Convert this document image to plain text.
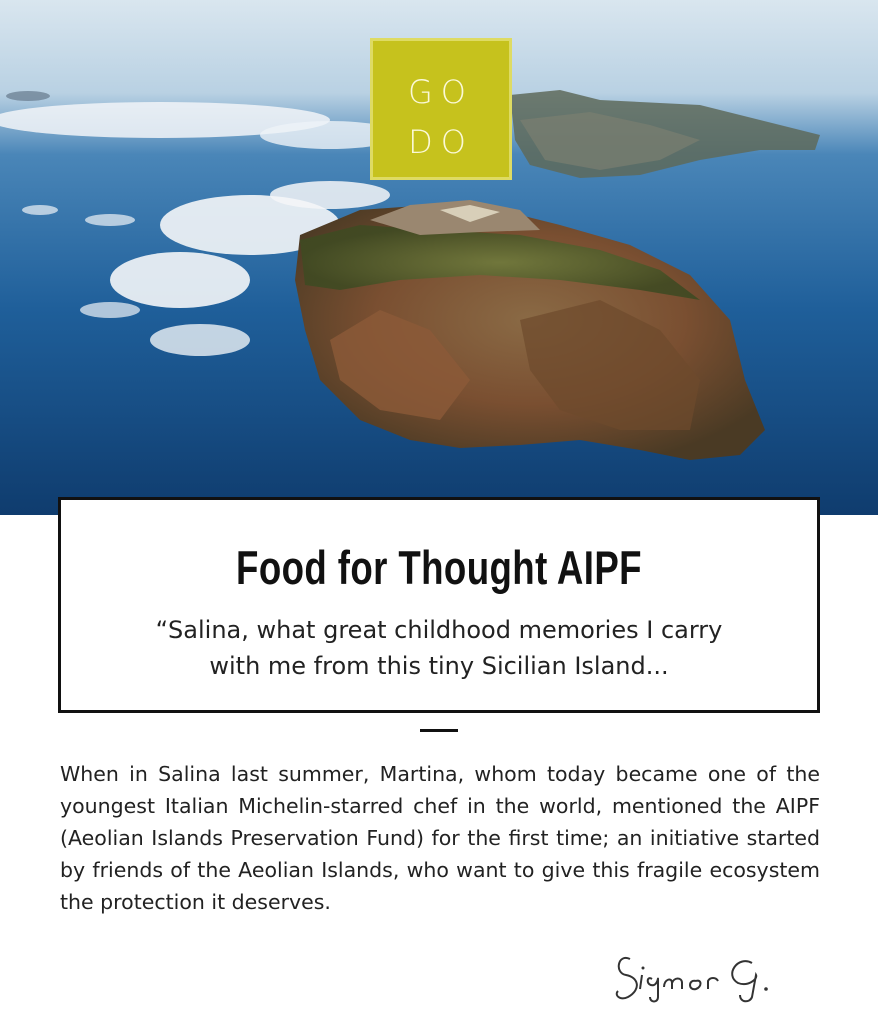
GO
DO
Food for Thought AIPF
“Salina, what great childhood memories I carry
with me from this tiny Sicilian Island...
When in Salina last summer, Martina, whom today became one of the youngest Italian Michelin-starred chef in the world, mentioned the AIPF (Aeolian Islands Preservation Fund) for the first time; an initiative started by friends of the Aeolian Islands, who want to give this fragile ecosystem the protection it deserves.
